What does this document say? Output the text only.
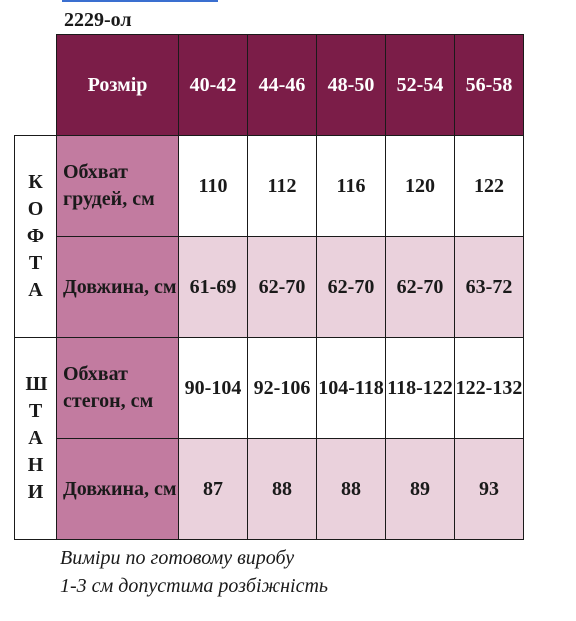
2229-ол
	Розмір	40-42	44-46	48-50	52-54	56-58
КОФТА	Обхват грудей, см	110	112	116	120	122
	Довжина, см	61-69	62-70	62-70	62-70	63-72
ШТАНИ	Обхват стегон, см	90-104	92-106	104-118	118-122	122-132
	Довжина, см	87	88	88	89	93
Виміри по готовому виробу
1-3 см допустима розбіжність
